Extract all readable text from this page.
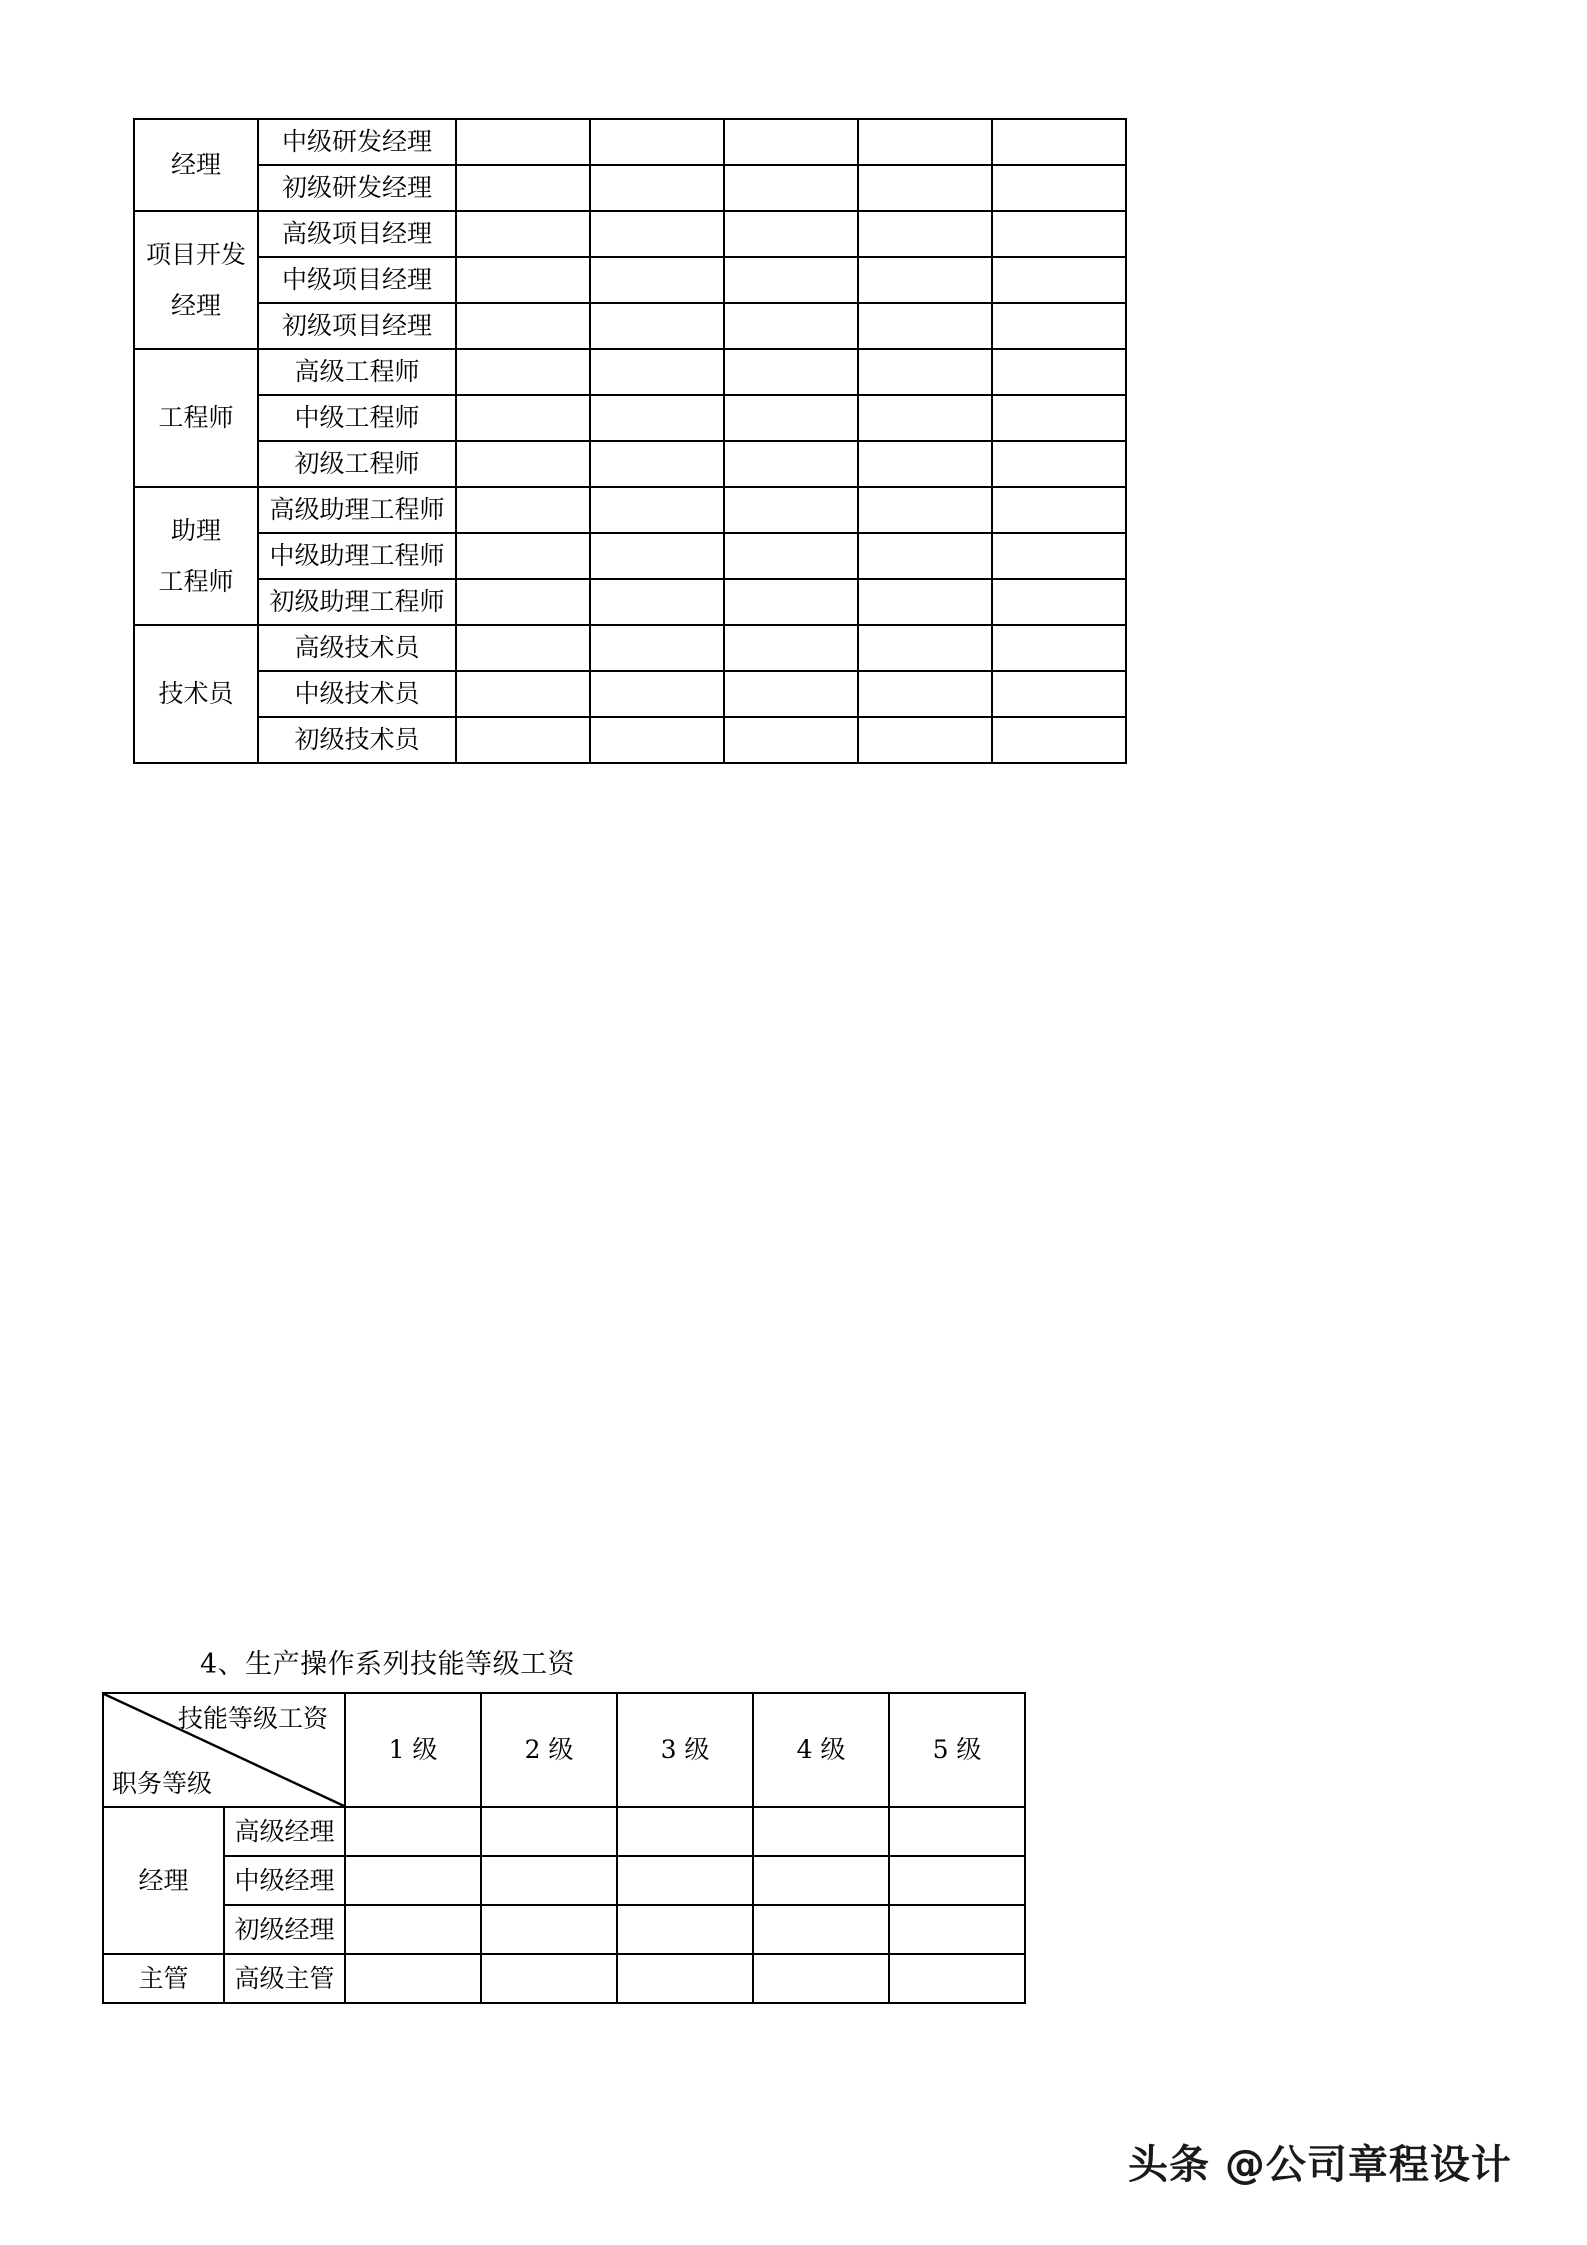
经理	中级研发经理					
	初级研发经理					

项目开发
经理	高级项目经理					
	中级项目经理					
	初级项目经理					

工程师	高级工程师					
	中级工程师					
	初级工程师					

助理
工程师	高级助理工程师					
	中级助理工程师					
	初级助理工程师					

技术员	高级技术员					
	中级技术员					
	初级技术员					
4、生产操作系列技能等级工资
技能等级工资
职务等级		1 级	2 级	3 级	4 级	5 级
经理	高级经理					
	中级经理					
	初级经理					
主管	高级主管					
头条 @公司章程设计
